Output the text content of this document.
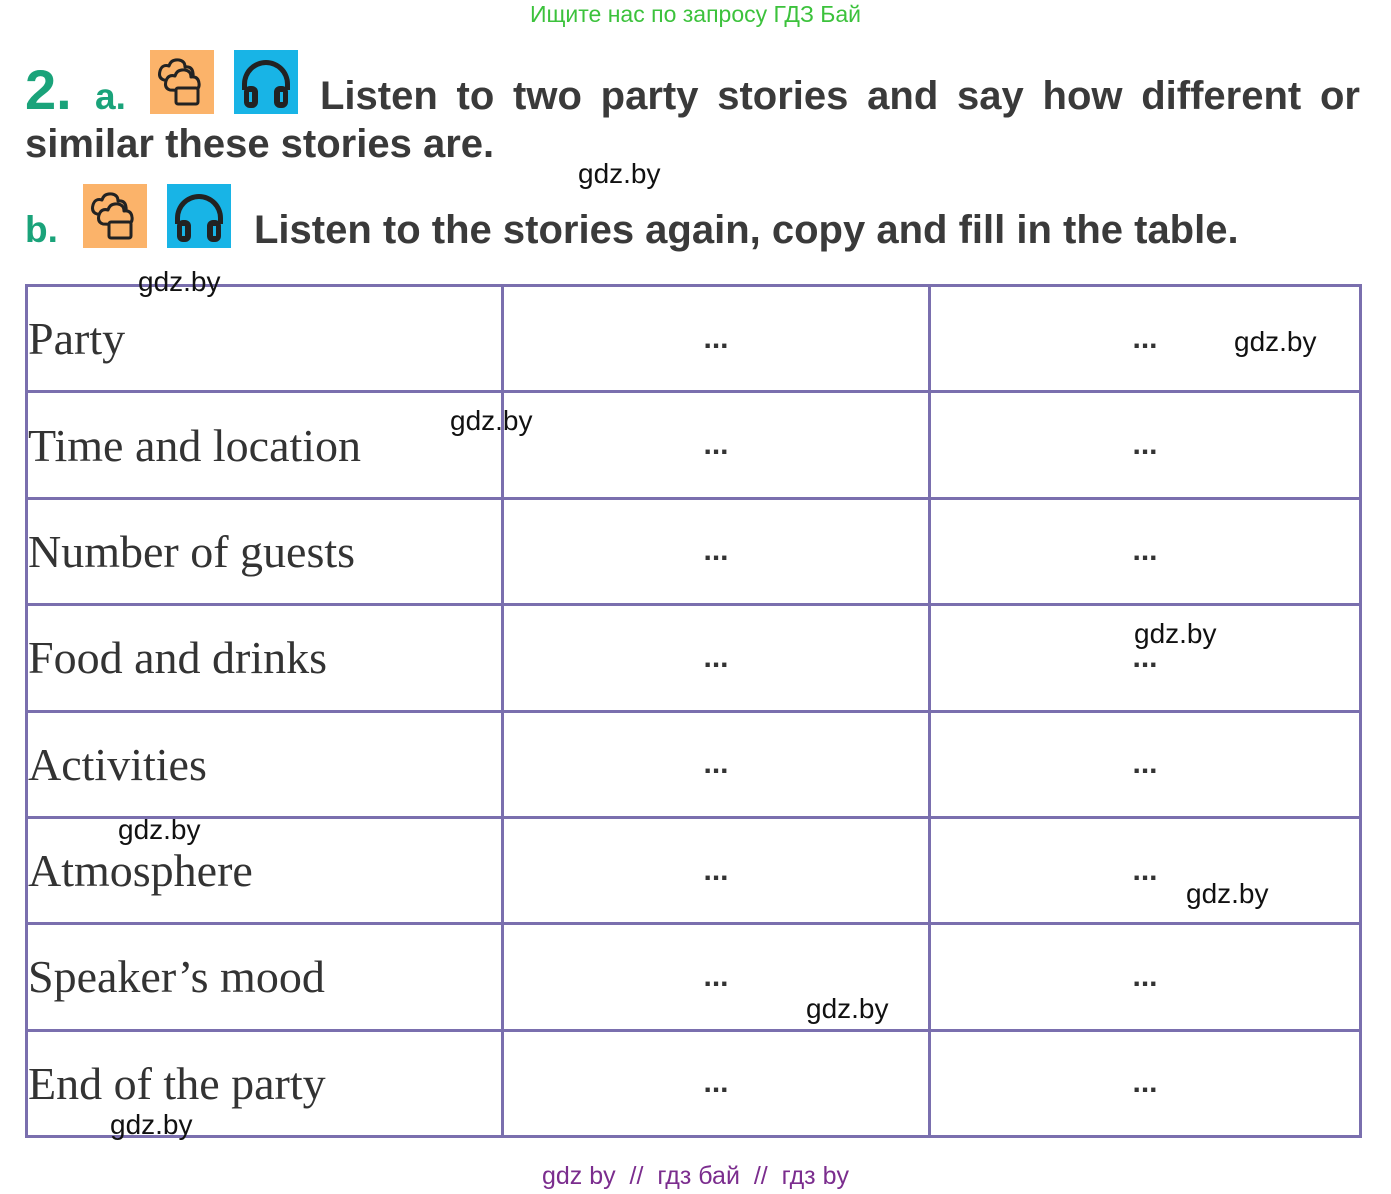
Ищите нас по запросу ГДЗ Бай
2. a.	Listen to two party stories and say how different or
similar these stories are.
b.	Listen to the stories again, copy and fill in the table.
Party	...	...
Time and location	...	...
Number of guests	...	...
Food and drinks	...	...
Activities	...	...
Atmosphere	...	...
Speaker’s mood	...	...
End of the party	...	...
gdz.by
gdz.by
gdz.by
gdz.by
gdz.by
gdz.by
gdz.by
gdz.by
gdz.by
gdz by  //  гдз бай  //  гдз by
